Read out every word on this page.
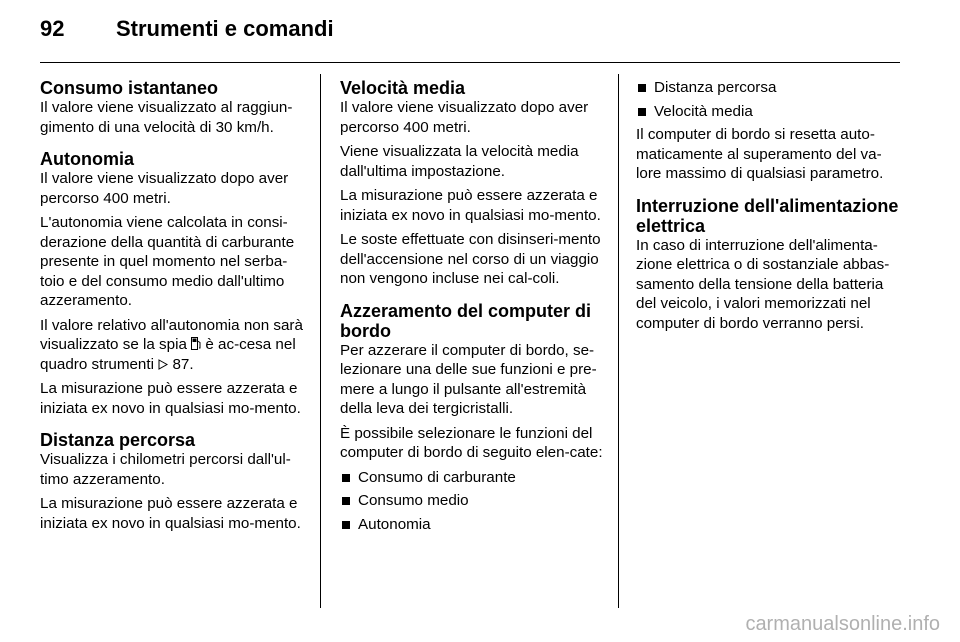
92 Strumenti e comandi
Consumo istantaneo

Il valore viene visualizzato al raggiun-gimento di una velocità di 30 km/h.

Autonomia

Il valore viene visualizzato dopo aver percorso 400 metri.

L'autonomia viene calcolata in consi-derazione della quantità di carburante presente in quel momento nel serba-toio e del consumo medio dall'ultimo azzeramento.

Il valore relativo all'autonomia non sarà visualizzato se la spia è ac-cesa nel quadro strumenti 87.

La misurazione può essere azzerata e iniziata ex novo in qualsiasi mo-mento.

Distanza percorsa

Visualizza i chilometri percorsi dall'ul-timo azzeramento.

La misurazione può essere azzerata e iniziata ex novo in qualsiasi mo-mento.

Velocità media

Il valore viene visualizzato dopo aver percorso 400 metri.

Viene visualizzata la velocità media dall'ultima impostazione.

La misurazione può essere azzerata e iniziata ex novo in qualsiasi mo-mento.

Le soste effettuate con disinseri-mento dell'accensione nel corso di un viaggio non vengono incluse nei cal-coli.

Azzeramento del computer di bordo

Per azzerare il computer di bordo, se-lezionare una delle sue funzioni e pre-mere a lungo il pulsante all'estremità della leva dei tergicristalli.

È possibile selezionare le funzioni del computer di bordo di seguito elen-cate:

Consumo di carburante
Consumo medio
Autonomia
Distanza percorsa
Velocità media

Il computer di bordo si resetta auto-maticamente al superamento del va-lore massimo di qualsiasi parametro.

Interruzione dell'alimentazione elettrica

In caso di interruzione dell'alimenta-zione elettrica o di sostanziale abbas-samento della tensione della batteria del veicolo, i valori memorizzati nel computer di bordo verranno persi.

carmanualsonline.info
